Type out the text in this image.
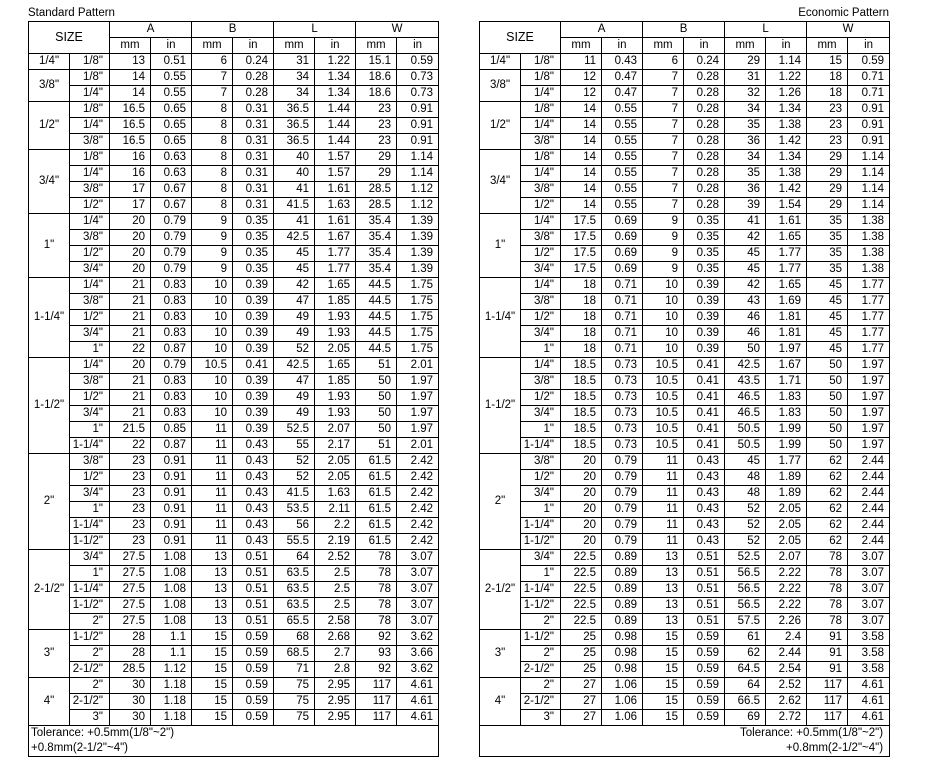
Standard Pattern
SIZE		A		B		L		W	
		mm	in	mm	in	mm	in	mm	in
1/4"	1/8"	13	0.51	6	0.24	31	1.22	15.1	0.59
3/8"	1/8"	14	0.55	7	0.28	34	1.34	18.6	0.73
	1/4"	14	0.55	7	0.28	34	1.34	18.6	0.73
1/2"	1/8"	16.5	0.65	8	0.31	36.5	1.44	23	0.91
	1/4"	16.5	0.65	8	0.31	36.5	1.44	23	0.91
	3/8"	16.5	0.65	8	0.31	36.5	1.44	23	0.91
3/4"	1/8"	16	0.63	8	0.31	40	1.57	29	1.14
	1/4"	16	0.63	8	0.31	40	1.57	29	1.14
	3/8"	17	0.67	8	0.31	41	1.61	28.5	1.12
	1/2"	17	0.67	8	0.31	41.5	1.63	28.5	1.12
1"	1/4"	20	0.79	9	0.35	41	1.61	35.4	1.39
	3/8"	20	0.79	9	0.35	42.5	1.67	35.4	1.39
	1/2"	20	0.79	9	0.35	45	1.77	35.4	1.39
	3/4"	20	0.79	9	0.35	45	1.77	35.4	1.39
1-1/4"	1/4"	21	0.83	10	0.39	42	1.65	44.5	1.75
	3/8"	21	0.83	10	0.39	47	1.85	44.5	1.75
	1/2"	21	0.83	10	0.39	49	1.93	44.5	1.75
	3/4"	21	0.83	10	0.39	49	1.93	44.5	1.75
	1"	22	0.87	10	0.39	52	2.05	44.5	1.75
1-1/2"	1/4"	20	0.79	10.5	0.41	42.5	1.65	51	2.01
	3/8"	21	0.83	10	0.39	47	1.85	50	1.97
	1/2"	21	0.83	10	0.39	49	1.93	50	1.97
	3/4"	21	0.83	10	0.39	49	1.93	50	1.97
	1"	21.5	0.85	11	0.39	52.5	2.07	50	1.97
	1-1/4"	22	0.87	11	0.43	55	2.17	51	2.01
2"	3/8"	23	0.91	11	0.43	52	2.05	61.5	2.42
	1/2"	23	0.91	11	0.43	52	2.05	61.5	2.42
	3/4"	23	0.91	11	0.43	41.5	1.63	61.5	2.42
	1"	23	0.91	11	0.43	53.5	2.11	61.5	2.42
	1-1/4"	23	0.91	11	0.43	56	2.2	61.5	2.42
	1-1/2"	23	0.91	11	0.43	55.5	2.19	61.5	2.42
2-1/2"	3/4"	27.5	1.08	13	0.51	64	2.52	78	3.07
	1"	27.5	1.08	13	0.51	63.5	2.5	78	3.07
	1-1/4"	27.5	1.08	13	0.51	63.5	2.5	78	3.07
	1-1/2"	27.5	1.08	13	0.51	63.5	2.5	78	3.07
	2"	27.5	1.08	13	0.51	65.5	2.58	78	3.07
3"	1-1/2"	28	1.1	15	0.59	68	2.68	92	3.62
	2"	28	1.1	15	0.59	68.5	2.7	93	3.66
	2-1/2"	28.5	1.12	15	0.59	71	2.8	92	3.62
4"	2"	30	1.18	15	0.59	75	2.95	117	4.61
	2-1/2"	30	1.18	15	0.59	75	2.95	117	4.61
	3"	30	1.18	15	0.59	75	2.95	117	4.61
Tolerance: +0.5mm(1/8"~2")									
+0.8mm(2-1/2"~4")									
Economic Pattern
SIZE		A		B		L		W	
		mm	in	mm	in	mm	in	mm	in
1/4"	1/8"	11	0.43	6	0.24	29	1.14	15	0.59
3/8"	1/8"	12	0.47	7	0.28	31	1.22	18	0.71
	1/4"	12	0.47	7	0.28	32	1.26	18	0.71
1/2"	1/8"	14	0.55	7	0.28	34	1.34	23	0.91
	1/4"	14	0.55	7	0.28	35	1.38	23	0.91
	3/8"	14	0.55	7	0.28	36	1.42	23	0.91
3/4"	1/8"	14	0.55	7	0.28	34	1.34	29	1.14
	1/4"	14	0.55	7	0.28	35	1.38	29	1.14
	3/8"	14	0.55	7	0.28	36	1.42	29	1.14
	1/2"	14	0.55	7	0.28	39	1.54	29	1.14
1"	1/4"	17.5	0.69	9	0.35	41	1.61	35	1.38
	3/8"	17.5	0.69	9	0.35	42	1.65	35	1.38
	1/2"	17.5	0.69	9	0.35	45	1.77	35	1.38
	3/4"	17.5	0.69	9	0.35	45	1.77	35	1.38
1-1/4"	1/4"	18	0.71	10	0.39	42	1.65	45	1.77
	3/8"	18	0.71	10	0.39	43	1.69	45	1.77
	1/2"	18	0.71	10	0.39	46	1.81	45	1.77
	3/4"	18	0.71	10	0.39	46	1.81	45	1.77
	1"	18	0.71	10	0.39	50	1.97	45	1.77
1-1/2"	1/4"	18.5	0.73	10.5	0.41	42.5	1.67	50	1.97
	3/8"	18.5	0.73	10.5	0.41	43.5	1.71	50	1.97
	1/2"	18.5	0.73	10.5	0.41	46.5	1.83	50	1.97
	3/4"	18.5	0.73	10.5	0.41	46.5	1.83	50	1.97
	1"	18.5	0.73	10.5	0.41	50.5	1.99	50	1.97
	1-1/4"	18.5	0.73	10.5	0.41	50.5	1.99	50	1.97
2"	3/8"	20	0.79	11	0.43	45	1.77	62	2.44
	1/2"	20	0.79	11	0.43	48	1.89	62	2.44
	3/4"	20	0.79	11	0.43	48	1.89	62	2.44
	1"	20	0.79	11	0.43	52	2.05	62	2.44
	1-1/4"	20	0.79	11	0.43	52	2.05	62	2.44
	1-1/2"	20	0.79	11	0.43	52	2.05	62	2.44
2-1/2"	3/4"	22.5	0.89	13	0.51	52.5	2.07	78	3.07
	1"	22.5	0.89	13	0.51	56.5	2.22	78	3.07
	1-1/4"	22.5	0.89	13	0.51	56.5	2.22	78	3.07
	1-1/2"	22.5	0.89	13	0.51	56.5	2.22	78	3.07
	2"	22.5	0.89	13	0.51	57.5	2.26	78	3.07
3"	1-1/2"	25	0.98	15	0.59	61	2.4	91	3.58
	2"	25	0.98	15	0.59	62	2.44	91	3.58
	2-1/2"	25	0.98	15	0.59	64.5	2.54	91	3.58
4"	2"	27	1.06	15	0.59	64	2.52	117	4.61
	2-1/2"	27	1.06	15	0.59	66.5	2.62	117	4.61
	3"	27	1.06	15	0.59	69	2.72	117	4.61
Tolerance: +0.5mm(1/8"~2")									
+0.8mm(2-1/2"~4")									
